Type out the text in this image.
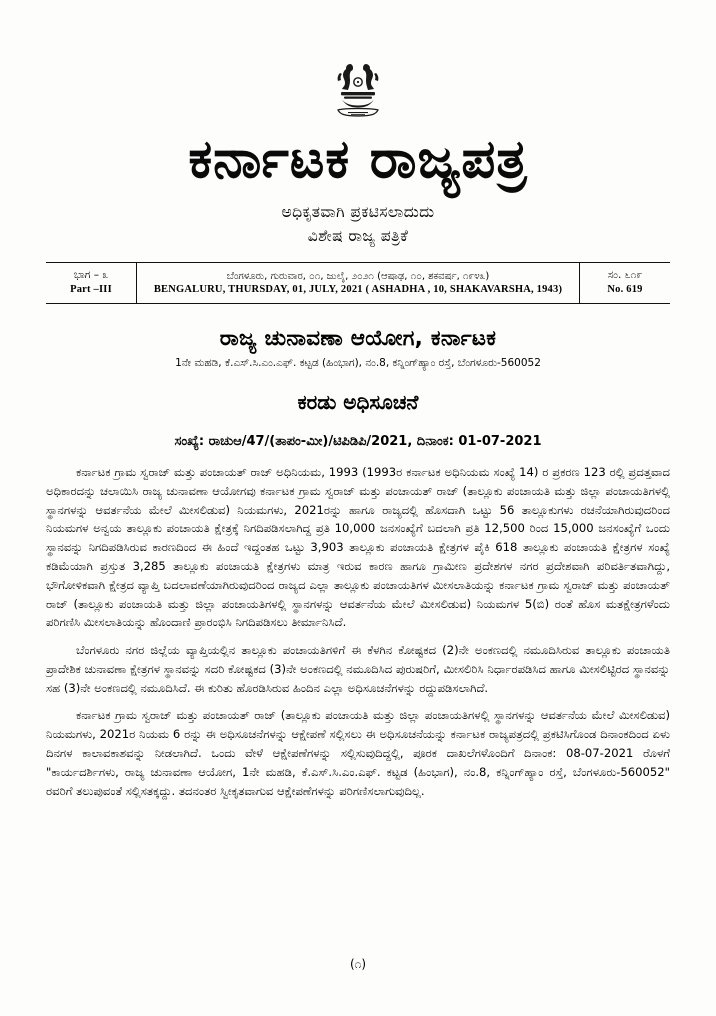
ಕರ್ನಾಟಕ ರಾಜ್ಯಪತ್ರ
ಅಧಿಕೃತವಾಗಿ ಪ್ರಕಟಿಸಲಾದುದು
ವಿಶೇಷ ರಾಜ್ಯ ಪತ್ರಿಕೆ
ಭಾಗ – ೩
Part –III
ಬೆಂಗಳೂರು, ಗುರುವಾರ, ೦೧, ಜುಲೈ, ೨೦೨೧ (ಆಷಾಢ, ೧೦, ಶಕವರ್ಷ, ೧೯೪೩)
BENGALURU, THURSDAY, 01, JULY, 2021 ( ASHADHA , 10, SHAKAVARSHA, 1943)
ಸಂ. ೬೧೯
No. 619
ರಾಜ್ಯ ಚುನಾವಣಾ ಆಯೋಗ, ಕರ್ನಾಟಕ
1ನೇ ಮಹಡಿ, ಕೆ.ಎಸ್.ಸಿ.ಎಂ.ಎಫ್. ಕಟ್ಟಡ (ಹಿಂಭಾಗ), ನಂ.8, ಕನ್ನಿಂಗ್‌ಹ್ಯಾಂ ರಸ್ತೆ, ಬೆಂಗಳೂರು-560052
ಕರಡು ಅಧಿಸೂಚನೆ
ಸಂಖ್ಯೆ: ರಾಚುಆ/47/(ತಾಪಂ-ಮೀ)/ಟಿಪಿಡಿಪಿ/2021, ದಿನಾಂಕ: 01-07-2021

ಕರ್ನಾಟಕ ಗ್ರಾಮ ಸ್ವರಾಜ್ ಮತ್ತು ಪಂಚಾಯತ್ ರಾಜ್ ಅಧಿನಿಯಮ, 1993 (1993ರ ಕರ್ನಾಟಕ ಅಧಿನಿಯಮ ಸಂಖ್ಯೆ 14) ರ ಪ್ರಕರಣ 123 ರಲ್ಲಿ ಪ್ರದತ್ತವಾದ ಅಧಿಕಾರದನ್ನು ಚಲಾಯಿಸಿ ರಾಜ್ಯ ಚುನಾವಣಾ ಆಯೋಗವು ಕರ್ನಾಟಕ ಗ್ರಾಮ ಸ್ವರಾಜ್ ಮತ್ತು ಪಂಚಾಯತ್ ರಾಜ್ (ತಾಲ್ಲೂಕು ಪಂಚಾಯತಿ ಮತ್ತು ಜಿಲ್ಲಾ ಪಂಚಾಯತಿಗಳಲ್ಲಿ ಸ್ಥಾನಗಳನ್ನು ಆವರ್ತನೆಯ ಮೇಲೆ ಮೀಸಲಿಡುವ) ನಿಯಮಗಳು, 2021ರನ್ನು ಹಾಗೂ ರಾಜ್ಯದಲ್ಲಿ ಹೊಸದಾಗಿ ಒಟ್ಟು 56 ತಾಲ್ಲೂಕುಗಳು ರಚನೆಯಾಗಿರುವುದರಿಂದ ನಿಯಮಗಳ ಅನ್ವಯ ತಾಲ್ಲೂಕು ಪಂಚಾಯತಿ ಕ್ಷೇತ್ರಕ್ಕೆ ನಿಗದಿಪಡಿಸಲಾಗಿದ್ದ ಪ್ರತಿ 10,000 ಜನಸಂಖ್ಯೆಗೆ ಬದಲಾಗಿ ಪ್ರತಿ 12,500 ರಿಂದ 15,000 ಜನಸಂಖ್ಯೆಗೆ ಒಂದು ಸ್ಥಾನವನ್ನು ನಿಗದಿಪಡಿಸಿರುವ ಕಾರಣದಿಂದ ಈ ಹಿಂದೆ ಇದ್ದಂತಹ ಒಟ್ಟು 3,903 ತಾಲ್ಲೂಕು ಪಂಚಾಯತಿ ಕ್ಷೇತ್ರಗಳ ಪೈಕಿ 618 ತಾಲ್ಲೂಕು ಪಂಚಾಯತಿ ಕ್ಷೇತ್ರಗಳ ಸಂಖ್ಯೆ ಕಡಿಮೆಯಾಗಿ ಪ್ರಸ್ತುತ 3,285 ತಾಲ್ಲೂಕು ಪಂಚಾಯತಿ ಕ್ಷೇತ್ರಗಳು ಮಾತ್ರ ಇರುವ ಕಾರಣ ಹಾಗೂ ಗ್ರಾಮೀಣ ಪ್ರದೇಶಗಳ ನಗರ ಪ್ರದೇಶವಾಗಿ ಪರಿವರ್ತಿತವಾಗಿದ್ದು, ಭೌಗೋಳಿಕವಾಗಿ ಕ್ಷೇತ್ರದ ವ್ಯಾಪ್ತಿ ಬದಲಾವಣೆಯಾಗಿರುವುದರಿಂದ ರಾಜ್ಯದ ಎಲ್ಲಾ ತಾಲ್ಲೂಕು ಪಂಚಾಯತಿಗಳ ಮೀಸಲಾತಿಯನ್ನು ಕರ್ನಾಟಕ ಗ್ರಾಮ ಸ್ವರಾಜ್ ಮತ್ತು ಪಂಚಾಯತ್ ರಾಜ್ (ತಾಲ್ಲೂಕು ಪಂಚಾಯತಿ ಮತ್ತು ಜಿಲ್ಲಾ ಪಂಚಾಯತಿಗಳಲ್ಲಿ ಸ್ಥಾನಗಳನ್ನು ಆವರ್ತನೆಯ ಮೇಲೆ ಮೀಸಲಿಡುವ) ನಿಯಮಗಳ 5(ಬಿ) ರಂತೆ ಹೊಸ ಮತಕ್ಷೇತ್ರಗಳೆಂದು ಪರಿಗಣಿಸಿ ಮೀಸಲಾತಿಯನ್ನು ಹೊಂದಾಣಿ ಪ್ರಾರಂಭಿಸಿ ನಿಗದಿಪಡಿಸಲು ತೀರ್ಮಾನಿಸಿದೆ.

ಬೆಂಗಳೂರು ನಗರ ಜಿಲ್ಲೆಯ ವ್ಯಾಪ್ತಿಯಲ್ಲಿನ ತಾಲ್ಲೂಕು ಪಂಚಾಯತಿಗಳಿಗೆ ಈ ಕೆಳಗಿನ ಕೋಷ್ಟಕದ (2)ನೇ ಅಂಕಣದಲ್ಲಿ ನಮೂದಿಸಿರುವ ತಾಲ್ಲೂಕು ಪಂಚಾಯತಿ ಪ್ರಾದೇಶಿಕ ಚುನಾವಣಾ ಕ್ಷೇತ್ರಗಳ ಸ್ಥಾನವನ್ನು ಸದರಿ ಕೋಷ್ಟಕದ (3)ನೇ ಅಂಕಣದಲ್ಲಿ ನಮೂದಿಸಿದ ಪುರುಷರಿಗೆ, ಮೀಸಲಿರಿಸಿ ನಿರ್ಧಾರಪಡಿಸಿದ ಹಾಗೂ ಮೀಸಲಿಟ್ಟಿರದ ಸ್ಥಾನವನ್ನು ಸಹ (3)ನೇ ಅಂಕಣದಲ್ಲಿ ನಮೂದಿಸಿದೆ. ಈ ಕುರಿತು ಹೊರಡಿಸಿರುವ ಹಿಂದಿನ ಎಲ್ಲಾ ಅಧಿಸೂಚನೆಗಳನ್ನು ರದ್ದುಪಡಿಸಲಾಗಿದೆ.

ಕರ್ನಾಟಕ ಗ್ರಾಮ ಸ್ವರಾಜ್ ಮತ್ತು ಪಂಚಾಯತ್ ರಾಜ್ (ತಾಲ್ಲೂಕು ಪಂಚಾಯತಿ ಮತ್ತು ಜಿಲ್ಲಾ ಪಂಚಾಯತಿಗಳಲ್ಲಿ ಸ್ಥಾನಗಳನ್ನು ಆವರ್ತನೆಯ ಮೇಲೆ ಮೀಸಲಿಡುವ) ನಿಯಮಗಳು, 2021ರ ನಿಯಮ 6 ರನ್ನು ಈ ಅಧಿಸೂಚನೆಗಳನ್ನು ಆಕ್ಷೇಪಣೆ ಸಲ್ಲಿಸಲು ಈ ಅಧಿಸೂಚನೆಯನ್ನು ಕರ್ನಾಟಕ ರಾಜ್ಯಪತ್ರದಲ್ಲಿ ಪ್ರಕಟಿಸಿಗೊಂಡ ದಿನಾಂಕದಿಂದ ಏಳು ದಿನಗಳ ಕಾಲಾವಕಾಶವನ್ನು ನೀಡಲಾಗಿದೆ. ಒಂದು ವೇಳೆ ಆಕ್ಷೇಪಣೆಗಳನ್ನು ಸಲ್ಲಿಸುವುದಿದ್ದಲ್ಲಿ, ಪೂರಕ ದಾಖಲೆಗಳೊಂದಿಗೆ ದಿನಾಂಕ: 08-07-2021 ರೊಳಗೆ "ಕಾರ್ಯದರ್ಶಿಗಳು, ರಾಜ್ಯ ಚುನಾವಣಾ ಆಯೋಗ, 1ನೇ ಮಹಡಿ, ಕೆ.ಎಸ್.ಸಿ.ಎಂ.ಎಫ್. ಕಟ್ಟಡ (ಹಿಂಭಾಗ), ನಂ.8, ಕನ್ನಿಂಗ್‌ಹ್ಯಾಂ ರಸ್ತೆ, ಬೆಂಗಳೂರು-560052" ರವರಿಗೆ ತಲುಪುವಂತೆ ಸಲ್ಲಿಸತಕ್ಕದ್ದು. ತದನಂತರ ಸ್ವೀಕೃತವಾಗುವ ಆಕ್ಷೇಪಣೆಗಳನ್ನು ಪರಿಗಣಿಸಲಾಗುವುದಿಲ್ಲ.

(೧)
